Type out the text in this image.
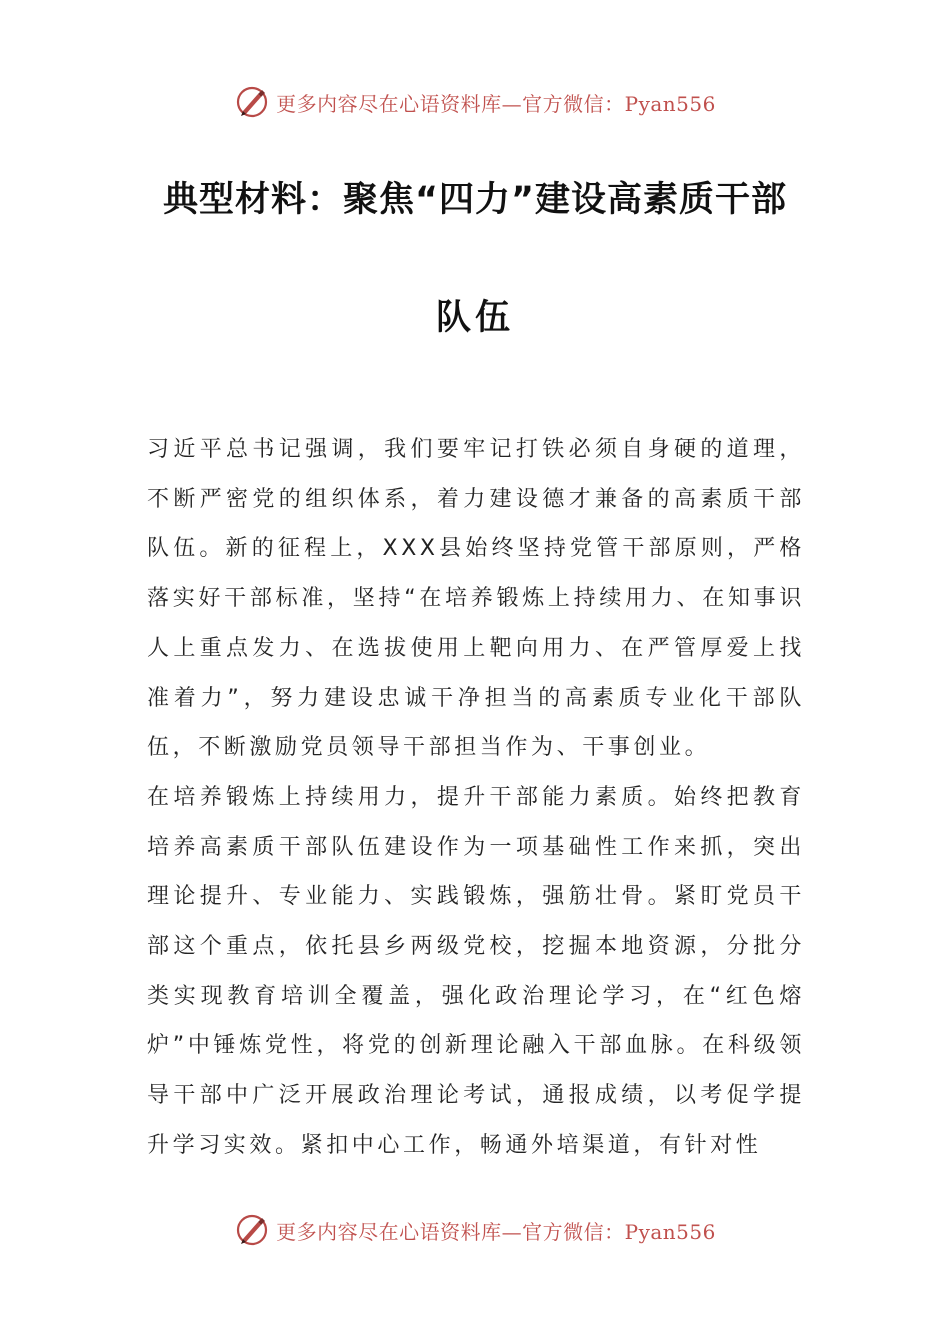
更多内容尽在心语资料库—官方微信：Pyan556
典型材料：聚焦“四力”建设高素质干部
队伍

习近平总书记强调，我们要牢记打铁必须自身硬的道理，不断严密党的组织体系，着力建设德才兼备的高素质干部队伍。新的征程上，XXX县始终坚持党管干部原则，严格落实好干部标准，坚持“在培养锻炼上持续用力、在知事识人上重点发力、在选拔使用上靶向用力、在严管厚爱上找准着力”，努力建设忠诚干净担当的高素质专业化干部队伍，不断激励党员领导干部担当作为、干事创业。

在培养锻炼上持续用力，提升干部能力素质。始终把教育培养高素质干部队伍建设作为一项基础性工作来抓，突出理论提升、专业能力、实践锻炼，强筋壮骨。紧盯党员干部这个重点，依托县乡两级党校，挖掘本地资源，分批分类实现教育培训全覆盖，强化政治理论学习，在“红色熔炉”中锤炼党性，将党的创新理论融入干部血脉。在科级领导干部中广泛开展政治理论考试，通报成绩，以考促学提升学习实效。紧扣中心工作，畅通外培渠道，有针对性

更多内容尽在心语资料库—官方微信：Pyan556
